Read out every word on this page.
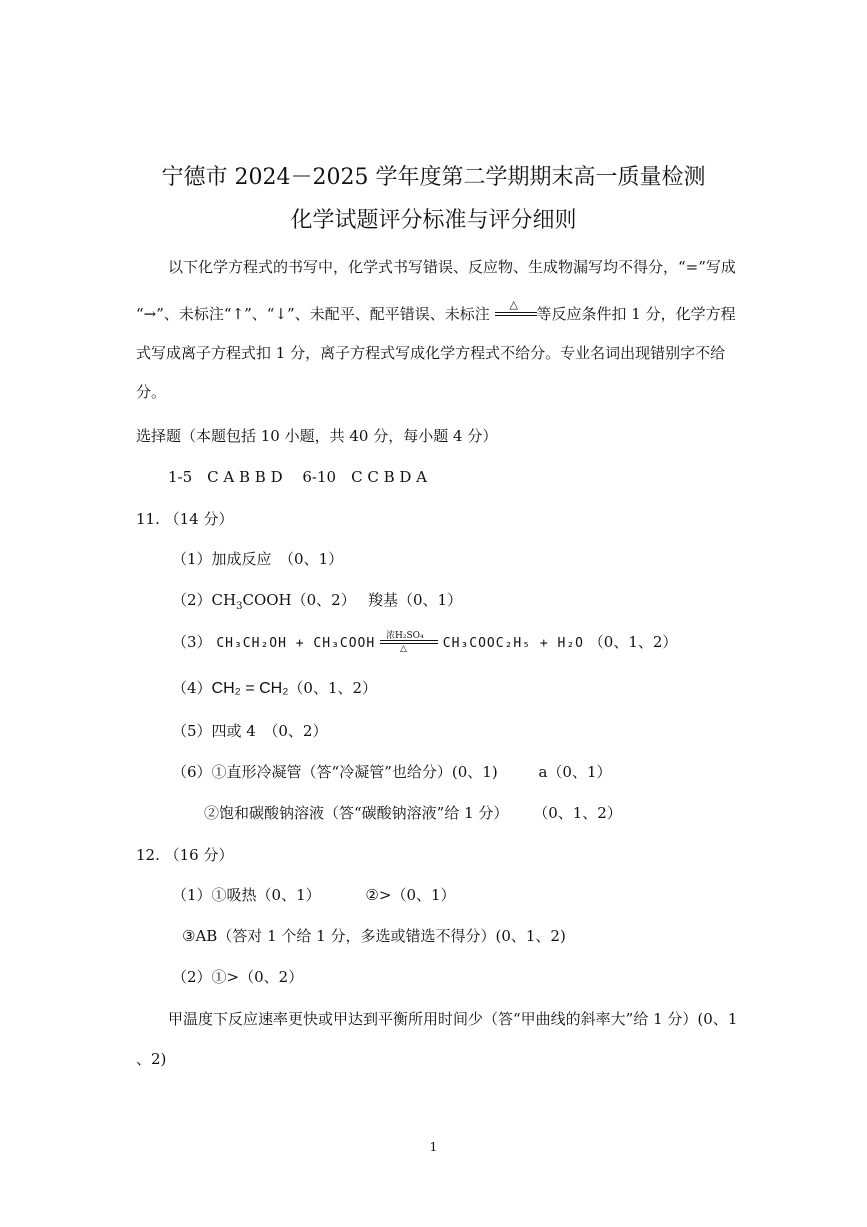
宁德市 2024－2025 学年度第二学期期末高一质量检测
化学试题评分标准与评分细则
以下化学方程式的书写中，化学式书写错误、反应物、生成物漏写均不得分，“=”写成
“→”、未标注“↑”、“↓”、未配平、配平错误、未标注
△
等反应条件扣 1 分，化学方程
式写成离子方程式扣 1 分，离子方程式写成化学方程式不给分。专业名词出现错别字不给
分。
选择题（本题包括 10 小题，共 40 分，每小题 4 分）
1-5　C A B B D　 6-10　C C B D A
11. （14 分）
（1）加成反应　（0、1）
$(2)CH_3COOH(0$、2）　 羧基（0、1）
（3） CH₃CH₂OH + CH₃COOH 浓H₂SO₄
△	CH₃COOC₂H₅ + H₂O （0、1、2）
（4）CH₂ = CH₂（0、1、2）
（5）四或 4　（0、2）
（6）①直形冷凝管（答“冷凝管”也给分）(0、1)	a（0、1）
②饱和碳酸钠溶液（答“碳酸钠溶液”给 1 分） （0、1、2）
12. （16 分）
（1）①吸热（0、1）	②>（0、1）
③AB（答对 1 个给 1 分，多选或错选不得分）(0、1、2)
（2）①>（0、2）
甲温度下反应速率更快或甲达到平衡所用时间少（答“甲曲线的斜率大”给 1 分）(0、1
、2)
1
